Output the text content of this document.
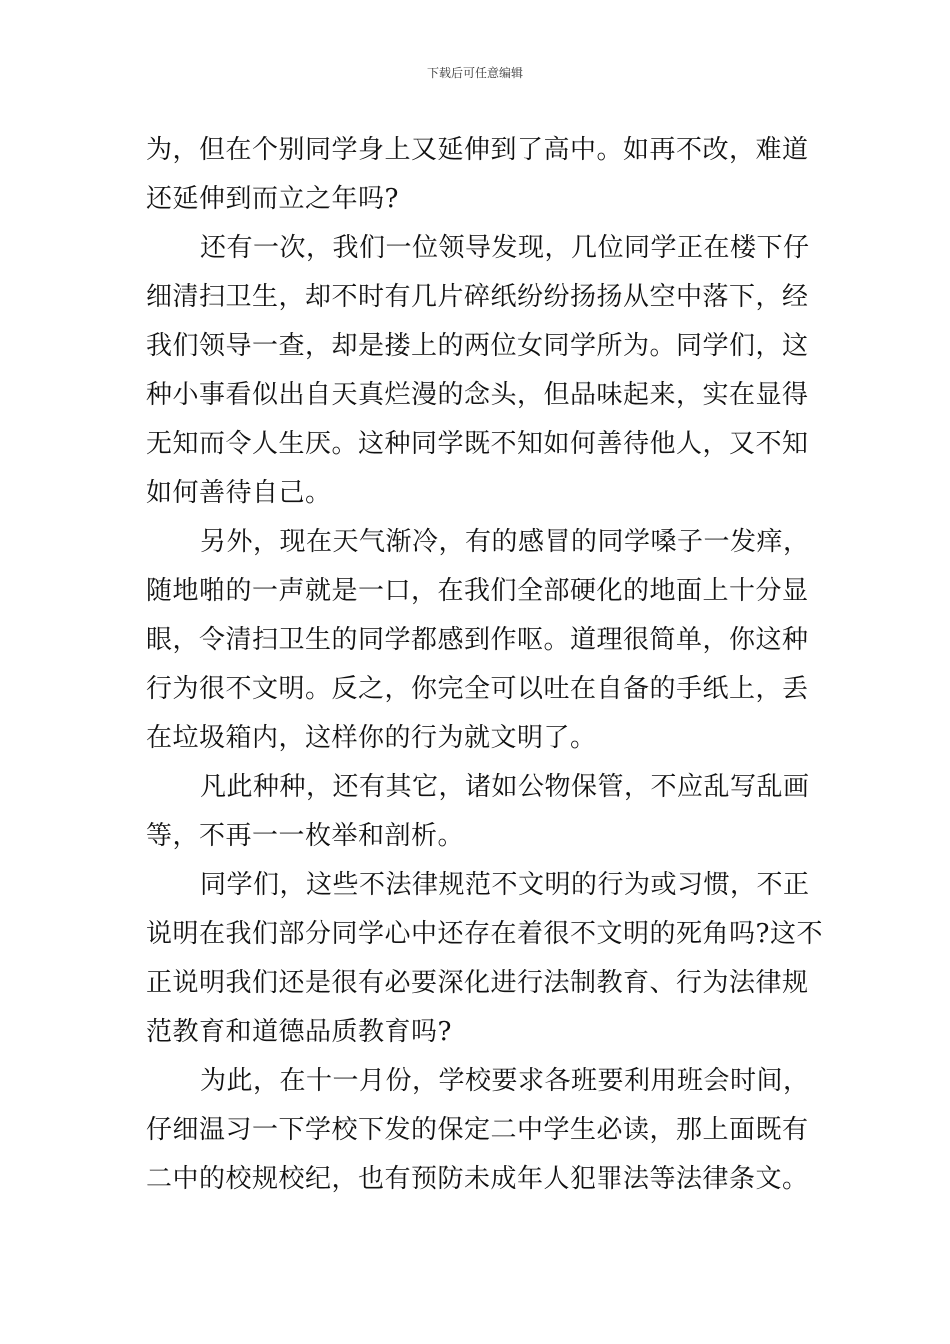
下载后可任意编辑
为，但在个别同学身上又延伸到了高中。如再不改，难道
还延伸到而立之年吗?
还有一次，我们一位领导发现，几位同学正在楼下仔
细清扫卫生，却不时有几片碎纸纷纷扬扬从空中落下，经
我们领导一查，却是搂上的两位女同学所为。同学们，这
种小事看似出自天真烂漫的念头，但品味起来，实在显得
无知而令人生厌。这种同学既不知如何善待他人，又不知
如何善待自己。
另外，现在天气渐冷，有的感冒的同学嗓子一发痒，
随地啪的一声就是一口，在我们全部硬化的地面上十分显
眼，令清扫卫生的同学都感到作呕。道理很简单，你这种
行为很不文明。反之，你完全可以吐在自备的手纸上，丢
在垃圾箱内，这样你的行为就文明了。
凡此种种，还有其它，诸如公物保管，不应乱写乱画
等，不再一一枚举和剖析。
同学们，这些不法律规范不文明的行为或习惯，不正
说明在我们部分同学心中还存在着很不文明的死角吗?这不
正说明我们还是很有必要深化进行法制教育、行为法律规
范教育和道德品质教育吗?
为此，在十一月份，学校要求各班要利用班会时间，
仔细温习一下学校下发的保定二中学生必读，那上面既有
二中的校规校纪，也有预防未成年人犯罪法等法律条文。
